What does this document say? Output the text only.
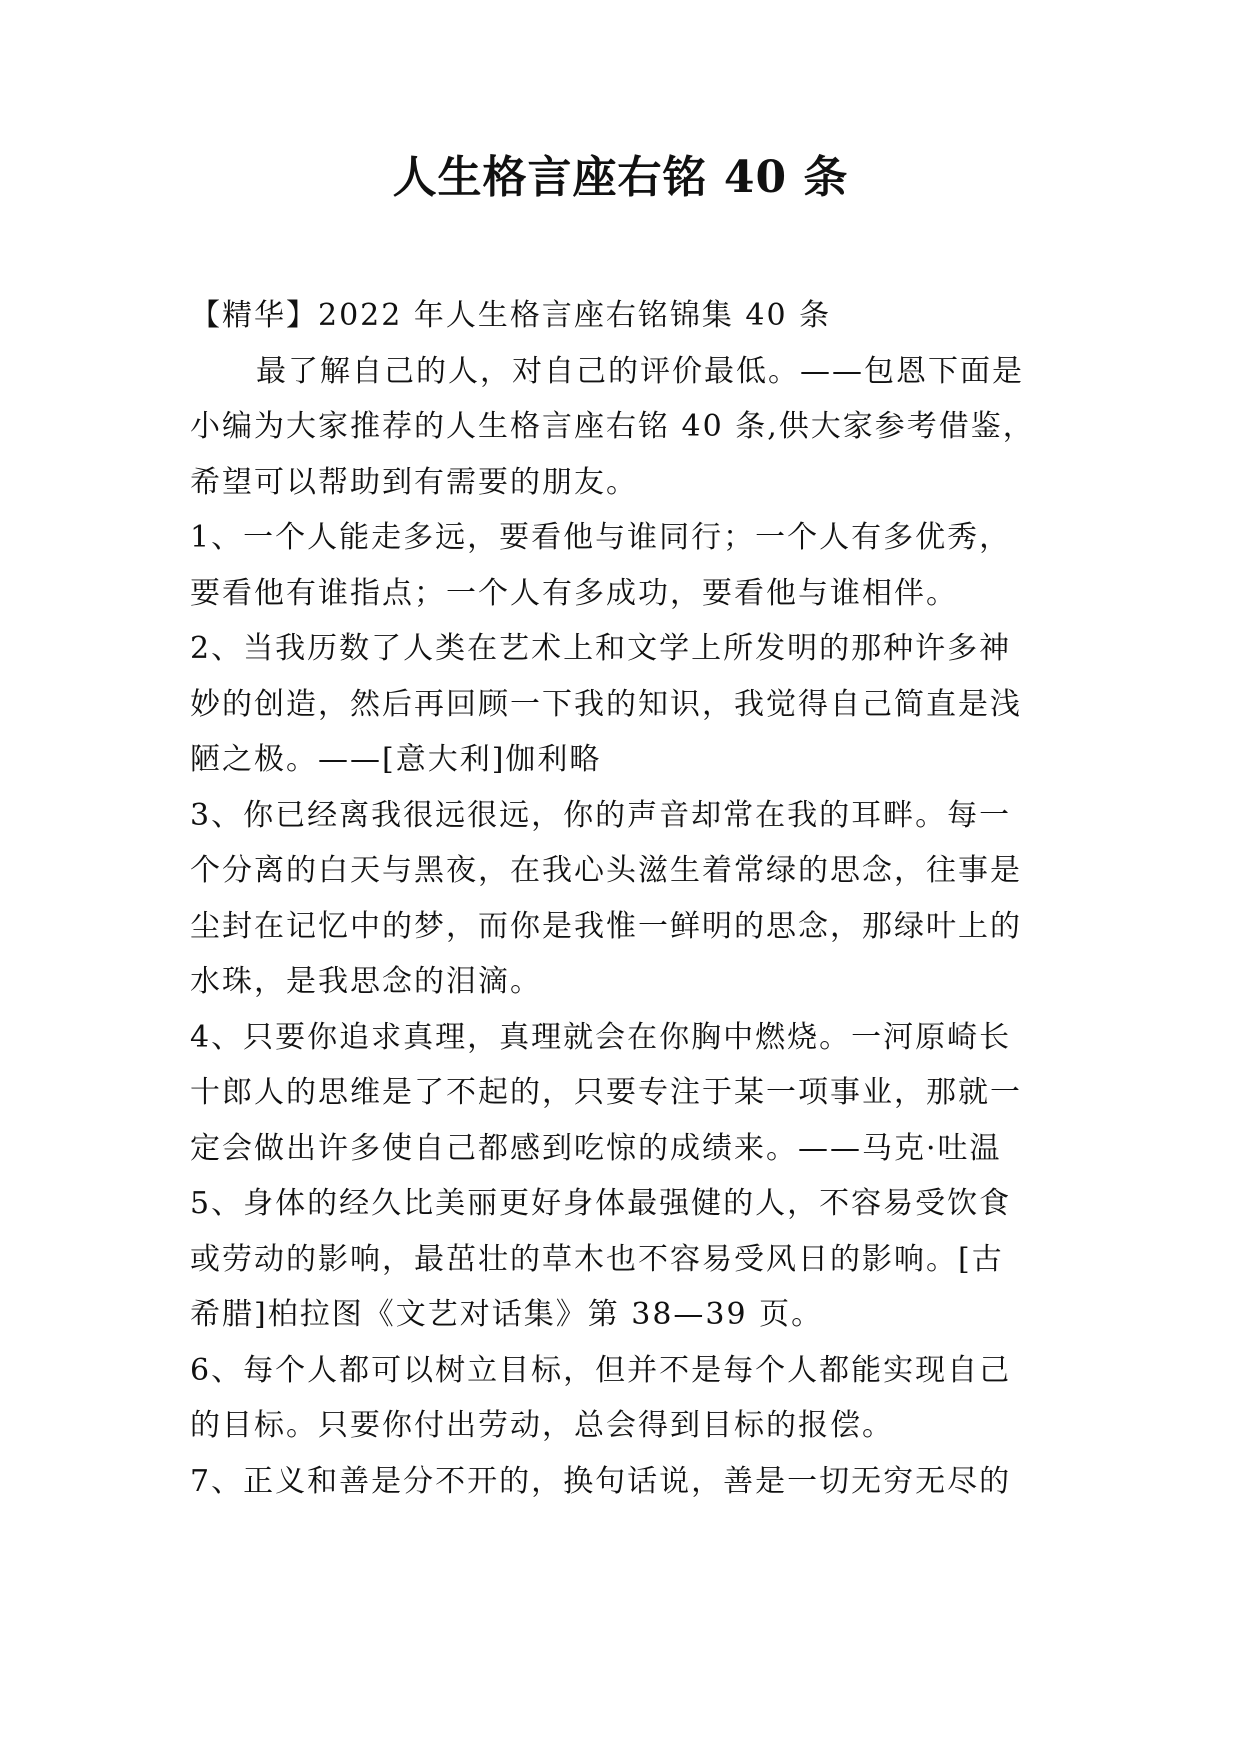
人生格言座右铭 40 条
【精华】2022 年人生格言座右铭锦集 40 条
最了解自己的人，对自己的评价最低。——包恩下面是
小编为大家推荐的人生格言座右铭 40 条,供大家参考借鉴，
希望可以帮助到有需要的朋友。
1、一个人能走多远，要看他与谁同行；一个人有多优秀，
要看他有谁指点；一个人有多成功，要看他与谁相伴。
2、当我历数了人类在艺术上和文学上所发明的那种许多神
妙的创造，然后再回顾一下我的知识，我觉得自己简直是浅
陋之极。——[意大利]伽利略
3、你已经离我很远很远，你的声音却常在我的耳畔。每一
个分离的白天与黑夜，在我心头滋生着常绿的思念，往事是
尘封在记忆中的梦，而你是我惟一鲜明的思念，那绿叶上的
水珠，是我思念的泪滴。
4、只要你追求真理，真理就会在你胸中燃烧。一河原崎长
十郎人的思维是了不起的，只要专注于某一项事业，那就一
定会做出许多使自己都感到吃惊的成绩来。——马克·吐温
5、身体的经久比美丽更好身体最强健的人，不容易受饮食
或劳动的影响，最茁壮的草木也不容易受风日的影响。[古
希腊]柏拉图《文艺对话集》第 38—39 页。
6、每个人都可以树立目标，但并不是每个人都能实现自己
的目标。只要你付出劳动，总会得到目标的报偿。
7、正义和善是分不开的，换句话说，善是一切无穷无尽的
